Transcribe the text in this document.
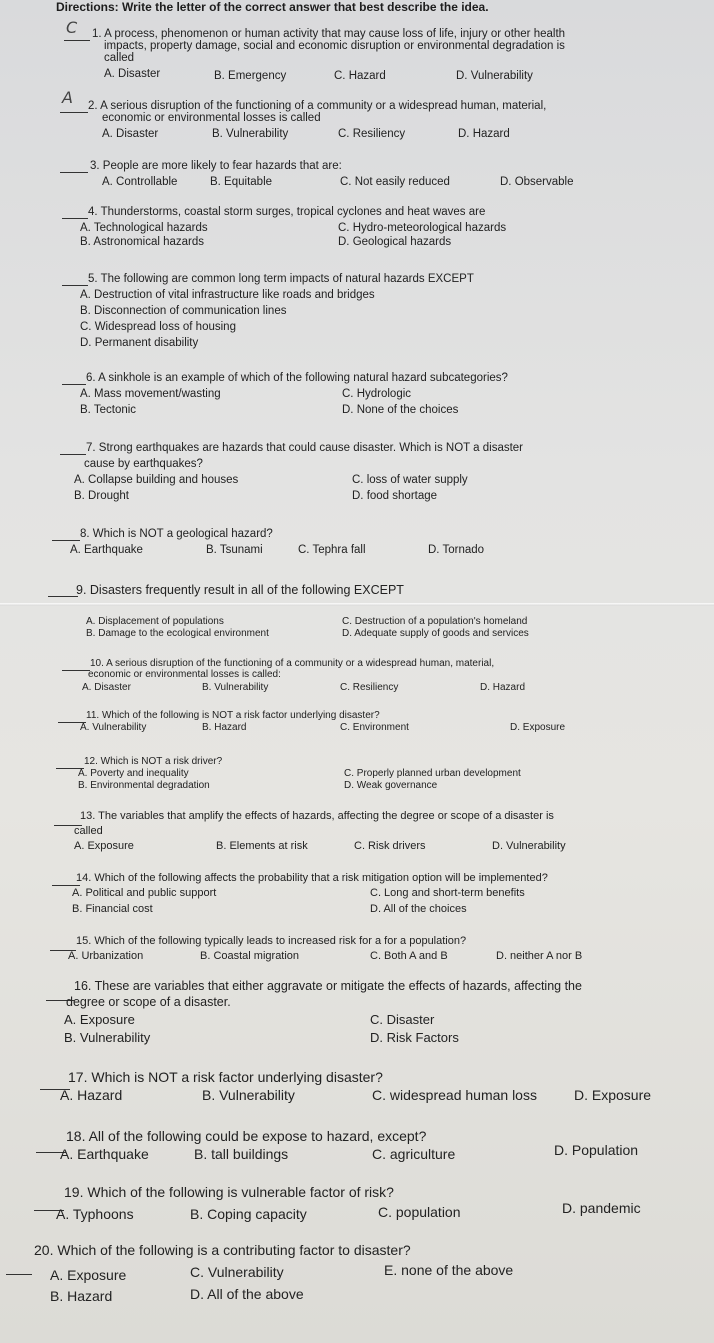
Directions: Write the letter of the correct answer that best describe the idea.
C 1. A process, phenomenon or human activity that may cause loss of life, injury or other health
impacts, property damage, social and economic disruption or environmental degradation is
called
A. Disaster	B. Emergency	C. Hazard	D. Vulnerability
A 2. A serious disruption of the functioning of a community or a widespread human, material,
economic or environmental losses is called
A. Disaster	B. Vulnerability	C. Resiliency	D. Hazard
3. People are more likely to fear hazards that are:
A. Controllable	B. Equitable	C. Not easily reduced	D. Observable
4. Thunderstorms, coastal storm surges, tropical cyclones and heat waves are
A. Technological hazards	C. Hydro-meteorological hazards
B. Astronomical hazards	D. Geological hazards
5. The following are common long term impacts of natural hazards EXCEPT
A. Destruction of vital infrastructure like roads and bridges
B. Disconnection of communication lines
C. Widespread loss of housing
D. Permanent disability
6. A sinkhole is an example of which of the following natural hazard subcategories?
A. Mass movement/wasting	C. Hydrologic
B. Tectonic	D. None of the choices
7. Strong earthquakes are hazards that could cause disaster. Which is NOT a disaster
cause by earthquakes?
A. Collapse building and houses	C. loss of water supply
B. Drought	D. food shortage
8. Which is NOT a geological hazard?
A. Earthquake	B. Tsunami	C. Tephra fall	D. Tornado
9. Disasters frequently result in all of the following EXCEPT
A. Displacement of populations	C. Destruction of a population's homeland
B. Damage to the ecological environment	D. Adequate supply of goods and services
10. A serious disruption of the functioning of a community or a widespread human, material,
economic or environmental losses is called:
A. Disaster	B. Vulnerability	C. Resiliency	D. Hazard
11. Which of the following is NOT a risk factor underlying disaster?
A. Vulnerability	B. Hazard	C. Environment	D. Exposure
12. Which is NOT a risk driver?
A. Poverty and inequality	C. Properly planned urban development
B. Environmental degradation	D. Weak governance
13. The variables that amplify the effects of hazards, affecting the degree or scope of a disaster is
called
A. Exposure	B. Elements at risk	C. Risk drivers	D. Vulnerability
14. Which of the following affects the probability that a risk mitigation option will be implemented?
A. Political and public support	C. Long and short-term benefits
B. Financial cost	D. All of the choices
15. Which of the following typically leads to increased risk for a for a population?
A. Urbanization	B. Coastal migration	C. Both A and B	D. neither A nor B
16. These are variables that either aggravate or mitigate the effects of hazards, affecting the
degree or scope of a disaster.
A. Exposure	C. Disaster
B. Vulnerability	D. Risk Factors
17. Which is NOT a risk factor underlying disaster?
A. Hazard	B. Vulnerability	C. widespread human loss	D. Exposure
18. All of the following could be expose to hazard, except?
A. Earthquake	B. tall buildings	C. agriculture	D. Population
19. Which of the following is vulnerable factor of risk?
A. Typhoons	B. Coping capacity	C. population	D. pandemic
20. Which of the following is a contributing factor to disaster?
A. Exposure	C. Vulnerability	E. none of the above
B. Hazard	D. All of the above
